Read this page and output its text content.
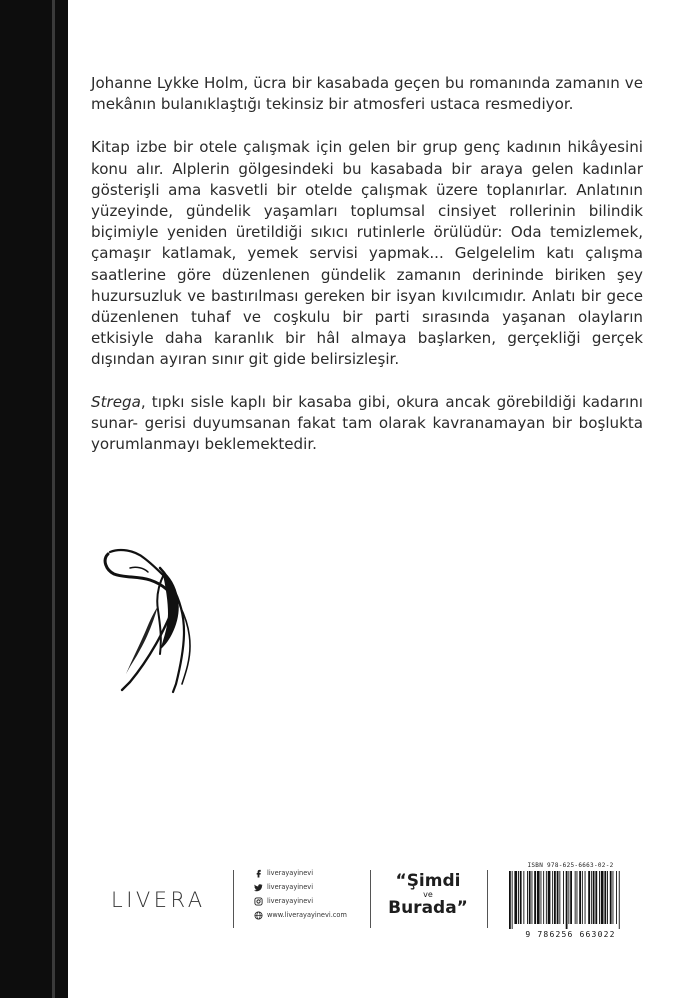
Johanne Lykke Holm, ücra bir kasabada geçen bu romanında zamanın ve mekânın bulanıklaştığı tekinsiz bir atmosferi ustaca resmediyor.

Kitap izbe bir otele çalışmak için gelen bir grup genç kadının hikâyesini konu alır. Alplerin gölgesindeki bu kasabada bir araya gelen kadınlar gösterişli ama kasvetli bir otelde çalışmak üzere toplanırlar. Anlatının yüzeyinde, gündelik yaşamları toplumsal cinsiyet rollerinin bilindik biçimiyle yeniden üretildiği sıkıcı rutinlerle örülüdür: Oda temizlemek, çamaşır katlamak, yemek servisi yapmak... Gelgelelim katı çalışma saatlerine göre düzenlenen gündelik zamanın derininde biriken şey huzursuzluk ve bastırılması gereken bir isyan kıvılcımıdır. Anlatı bir gece düzenlenen tuhaf ve coşkulu bir parti sırasında yaşanan olayların etkisiyle daha karanlık bir hâl almaya başlarken, gerçekliği gerçek dışından ayıran sınır git gide belirsizleşir.

Strega, tıpkı sisle kaplı bir kasaba gibi, okura ancak görebildiği kadarını sunar- gerisi duyumsanan fakat tam olarak kavranamayan bir boşlukta yorumlanmayı beklemektedir.

LIVERA
liverayayinevi
liverayayinevi
liverayayinevi
www.liverayayinevi.com
“Şimdi
ve
Burada”
ISBN 978-625-6663-02-2
9 786256 663022
